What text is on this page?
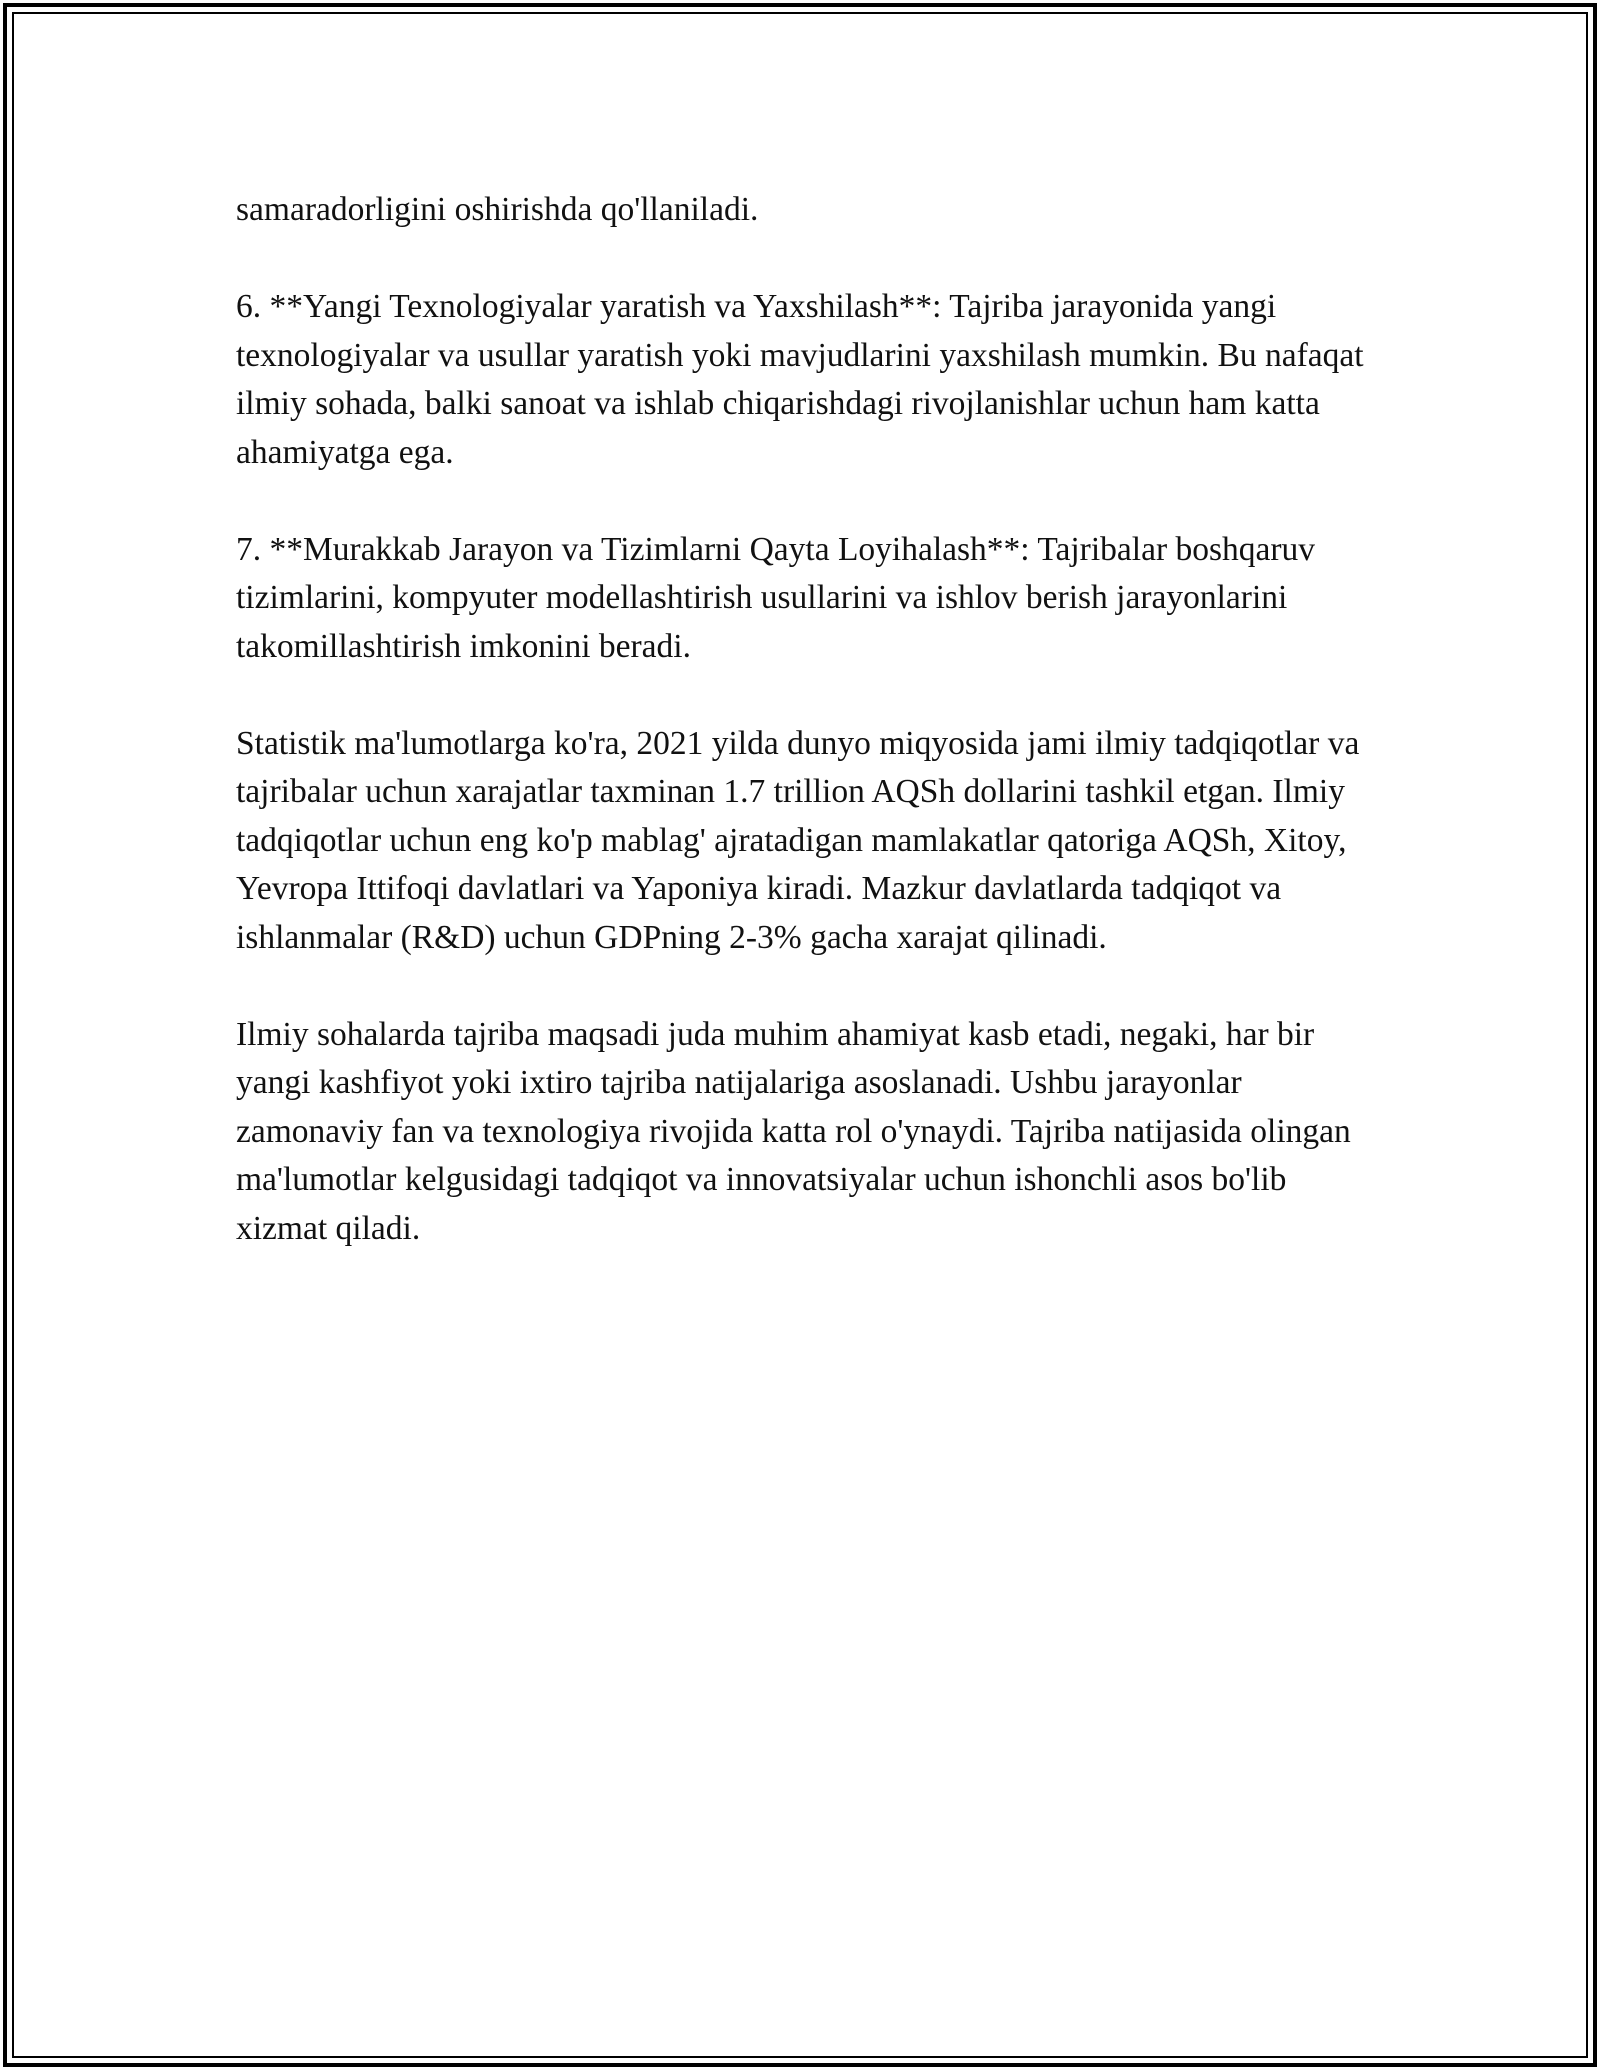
samaradorligini oshirishda qo'llaniladi.

6. **Yangi Texnologiyalar yaratish va Yaxshilash**: Tajriba jarayonida yangi texnologiyalar va usullar yaratish yoki mavjudlarini yaxshilash mumkin. Bu nafaqat ilmiy sohada, balki sanoat va ishlab chiqarishdagi rivojlanishlar uchun ham katta ahamiyatga ega.

7. **Murakkab Jarayon va Tizimlarni Qayta Loyihalash**: Tajribalar boshqaruv tizimlarini, kompyuter modellashtirish usullarini va ishlov berish jarayonlarini takomillashtirish imkonini beradi.

Statistik ma'lumotlarga ko'ra, 2021 yilda dunyo miqyosida jami ilmiy tadqiqotlar va tajribalar uchun xarajatlar taxminan 1.7 trillion AQSh dollarini tashkil etgan. Ilmiy tadqiqotlar uchun eng ko'p mablag' ajratadigan mamlakatlar qatoriga AQSh, Xitoy, Yevropa Ittifoqi davlatlari va Yaponiya kiradi. Mazkur davlatlarda tadqiqot va ishlanmalar (R&D) uchun GDPning 2-3% gacha xarajat qilinadi.

Ilmiy sohalarda tajriba maqsadi juda muhim ahamiyat kasb etadi, negaki, har bir yangi kashfiyot yoki ixtiro tajriba natijalariga asoslanadi. Ushbu jarayonlar zamonaviy fan va texnologiya rivojida katta rol o'ynaydi. Tajriba natijasida olingan ma'lumotlar kelgusidagi tadqiqot va innovatsiyalar uchun ishonchli asos bo'lib xizmat qiladi.
